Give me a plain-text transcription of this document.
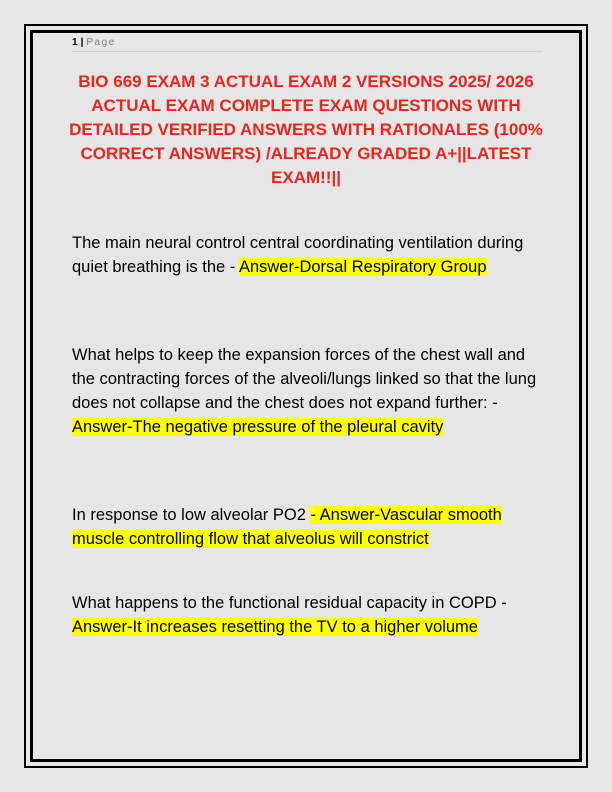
1 | Page

BIO 669 EXAM 3 ACTUAL EXAM 2 VERSIONS 2025/ 2026 ACTUAL EXAM COMPLETE EXAM QUESTIONS WITH DETAILED VERIFIED ANSWERS WITH RATIONALES (100% CORRECT ANSWERS) /ALREADY GRADED A+||LATEST EXAM!!||

The main neural control central coordinating ventilation during quiet breathing is the - Answer-Dorsal Respiratory Group

What helps to keep the expansion forces of the chest wall and the contracting forces of the alveoli/lungs linked so that the lung does not collapse and the chest does not expand further: - Answer-The negative pressure of the pleural cavity

In response to low alveolar PO2 - Answer-Vascular smooth muscle controlling flow that alveolus will constrict

What happens to the functional residual capacity in COPD - Answer-It increases resetting the TV to a higher volume
